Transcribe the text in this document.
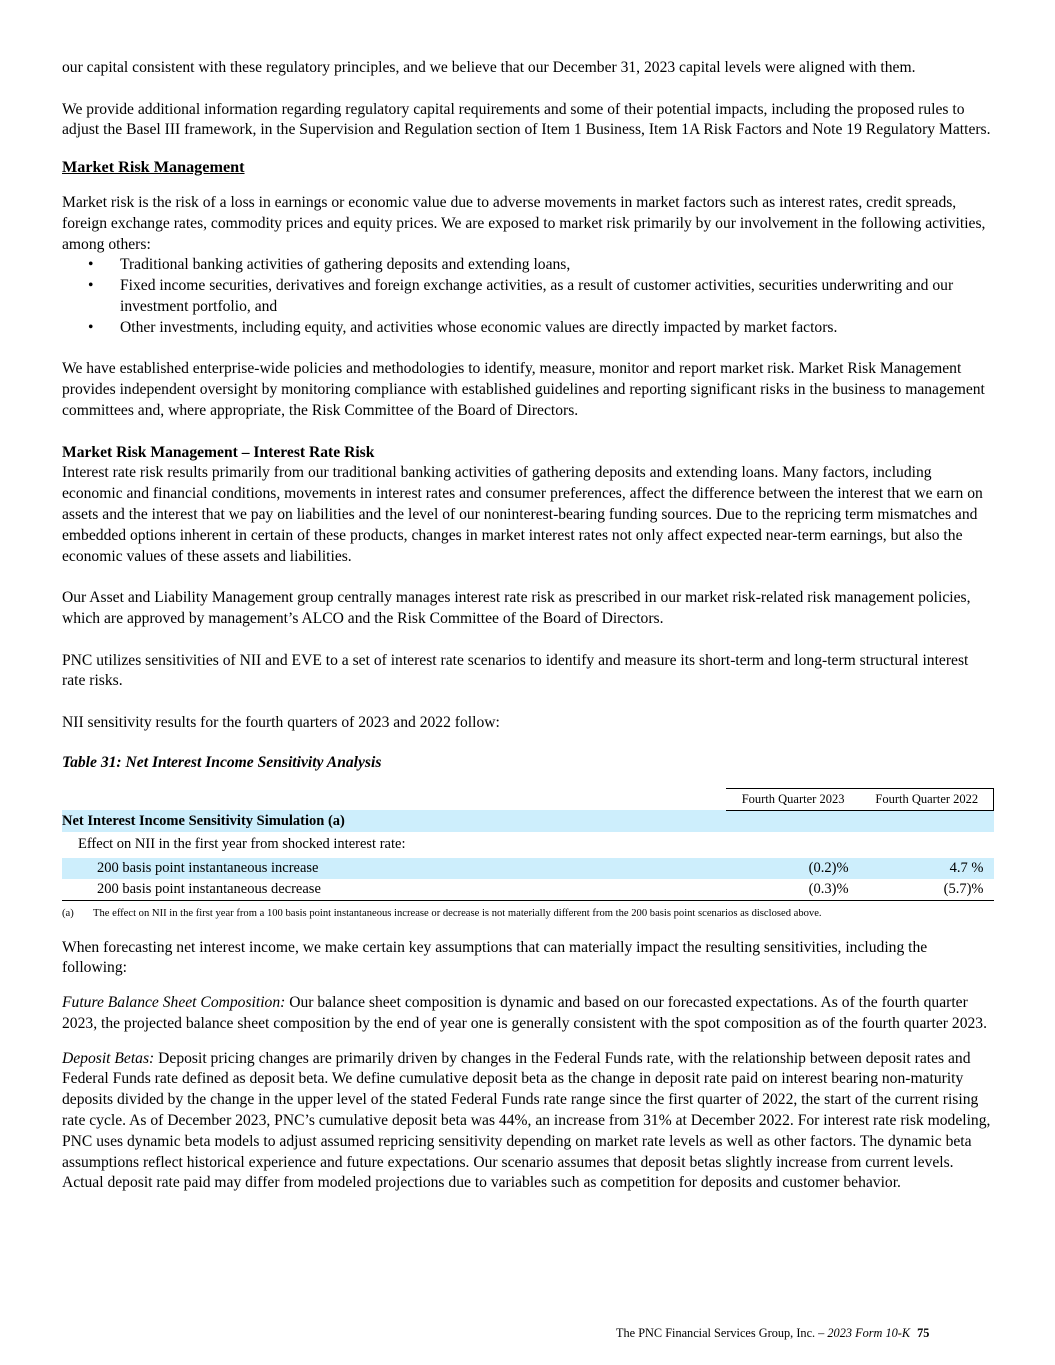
our capital consistent with these regulatory principles, and we believe that our December 31, 2023 capital levels were aligned with them.

We provide additional information regarding regulatory capital requirements and some of their potential impacts, including the proposed rules to adjust the Basel III framework, in the Supervision and Regulation section of Item 1 Business, Item 1A Risk Factors and Note 19 Regulatory Matters.

Market Risk Management

Market risk is the risk of a loss in earnings or economic value due to adverse movements in market factors such as interest rates, credit spreads, foreign exchange rates, commodity prices and equity prices. We are exposed to market risk primarily by our involvement in the following activities, among others:

• Traditional banking activities of gathering deposits and extending loans,
• Fixed income securities, derivatives and foreign exchange activities, as a result of customer activities, securities underwriting and our investment portfolio, and
• Other investments, including equity, and activities whose economic values are directly impacted by market factors.

We have established enterprise-wide policies and methodologies to identify, measure, monitor and report market risk. Market Risk Management provides independent oversight by monitoring compliance with established guidelines and reporting significant risks in the business to management committees and, where appropriate, the Risk Committee of the Board of Directors.

Market Risk Management – Interest Rate Risk

Interest rate risk results primarily from our traditional banking activities of gathering deposits and extending loans. Many factors, including economic and financial conditions, movements in interest rates and consumer preferences, affect the difference between the interest that we earn on assets and the interest that we pay on liabilities and the level of our noninterest-bearing funding sources. Due to the repricing term mismatches and embedded options inherent in certain of these products, changes in market interest rates not only affect expected near-term earnings, but also the economic values of these assets and liabilities.

Our Asset and Liability Management group centrally manages interest rate risk as prescribed in our market risk-related risk management policies, which are approved by management’s ALCO and the Risk Committee of the Board of Directors.

PNC utilizes sensitivities of NII and EVE to a set of interest rate scenarios to identify and measure its short-term and long-term structural interest rate risks.

NII sensitivity results for the fourth quarters of 2023 and 2022 follow:

Table 31: Net Interest Income Sensitivity Analysis

	Fourth Quarter 2023	Fourth Quarter 2022
Net Interest Income Sensitivity Simulation (a)		
Effect on NII in the first year from shocked interest rate:		
200 basis point instantaneous increase	(0.2)%	4.7 %
200 basis point instantaneous decrease	(0.3)%	(5.7)%
(a)	The effect on NII in the first year from a 100 basis point instantaneous increase or decrease is not materially different from the 200 basis point scenarios as disclosed above.

When forecasting net interest income, we make certain key assumptions that can materially impact the resulting sensitivities, including the following:

Future Balance Sheet Composition: Our balance sheet composition is dynamic and based on our forecasted expectations. As of the fourth quarter 2023, the projected balance sheet composition by the end of year one is generally consistent with the spot composition as of the fourth quarter 2023.

Deposit Betas: Deposit pricing changes are primarily driven by changes in the Federal Funds rate, with the relationship between deposit rates and Federal Funds rate defined as deposit beta. We define cumulative deposit beta as the change in deposit rate paid on interest bearing non-maturity deposits divided by the change in the upper level of the stated Federal Funds rate range since the first quarter of 2022, the start of the current rising rate cycle. As of December 2023, PNC’s cumulative deposit beta was 44%, an increase from 31% at December 2022. For interest rate risk modeling, PNC uses dynamic beta models to adjust assumed repricing sensitivity depending on market rate levels as well as other factors. The dynamic beta assumptions reflect historical experience and future expectations. Our scenario assumes that deposit betas slightly increase from current levels. Actual deposit rate paid may differ from modeled projections due to variables such as competition for deposits and customer behavior.

The PNC Financial Services Group, Inc. – 2023 Form 10-K 75
